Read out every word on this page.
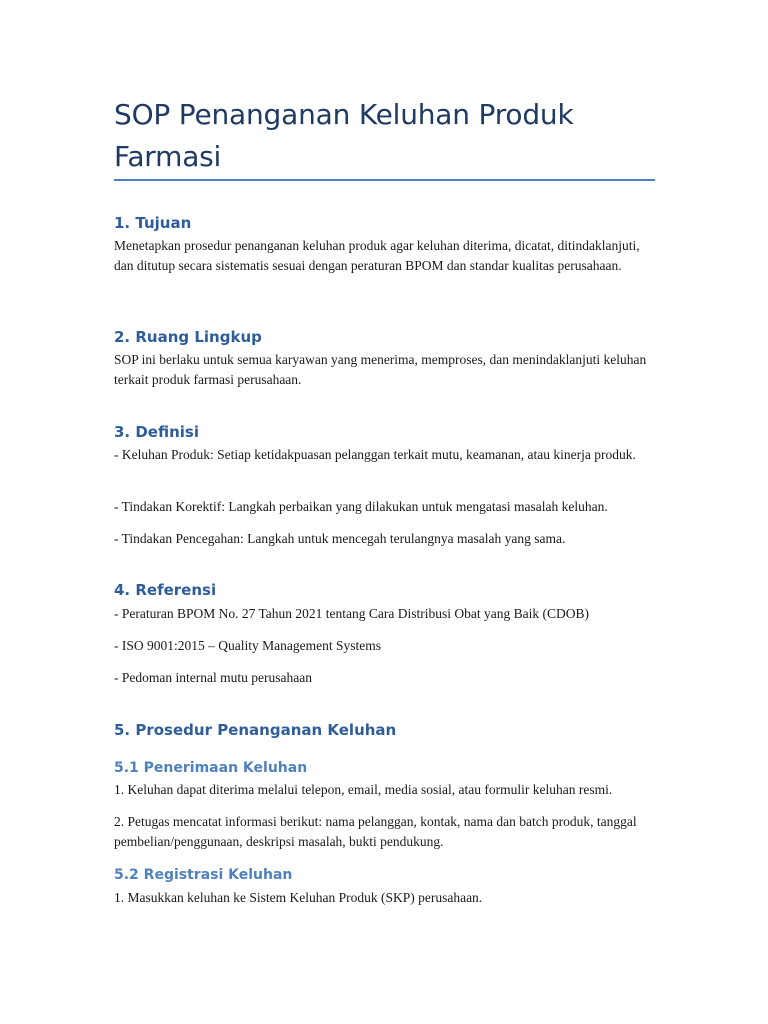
SOP Penanganan Keluhan Produk Farmasi
1. Tujuan

Menetapkan prosedur penanganan keluhan produk agar keluhan diterima, dicatat, ditindaklanjuti, dan ditutup secara sistematis sesuai dengan peraturan BPOM dan standar kualitas perusahaan.

2. Ruang Lingkup

SOP ini berlaku untuk semua karyawan yang menerima, memproses, dan menindaklanjuti keluhan terkait produk farmasi perusahaan.

3. Definisi

- Keluhan Produk: Setiap ketidakpuasan pelanggan terkait mutu, keamanan, atau kinerja produk.

- Tindakan Korektif: Langkah perbaikan yang dilakukan untuk mengatasi masalah keluhan.

- Tindakan Pencegahan: Langkah untuk mencegah terulangnya masalah yang sama.

4. Referensi

- Peraturan BPOM No. 27 Tahun 2021 tentang Cara Distribusi Obat yang Baik (CDOB)

- ISO 9001:2015 – Quality Management Systems

- Pedoman internal mutu perusahaan

5. Prosedur Penanganan Keluhan
5.1 Penerimaan Keluhan

1. Keluhan dapat diterima melalui telepon, email, media sosial, atau formulir keluhan resmi.

2. Petugas mencatat informasi berikut: nama pelanggan, kontak, nama dan batch produk, tanggal pembelian/penggunaan, deskripsi masalah, bukti pendukung.

5.2 Registrasi Keluhan

1. Masukkan keluhan ke Sistem Keluhan Produk (SKP) perusahaan.
